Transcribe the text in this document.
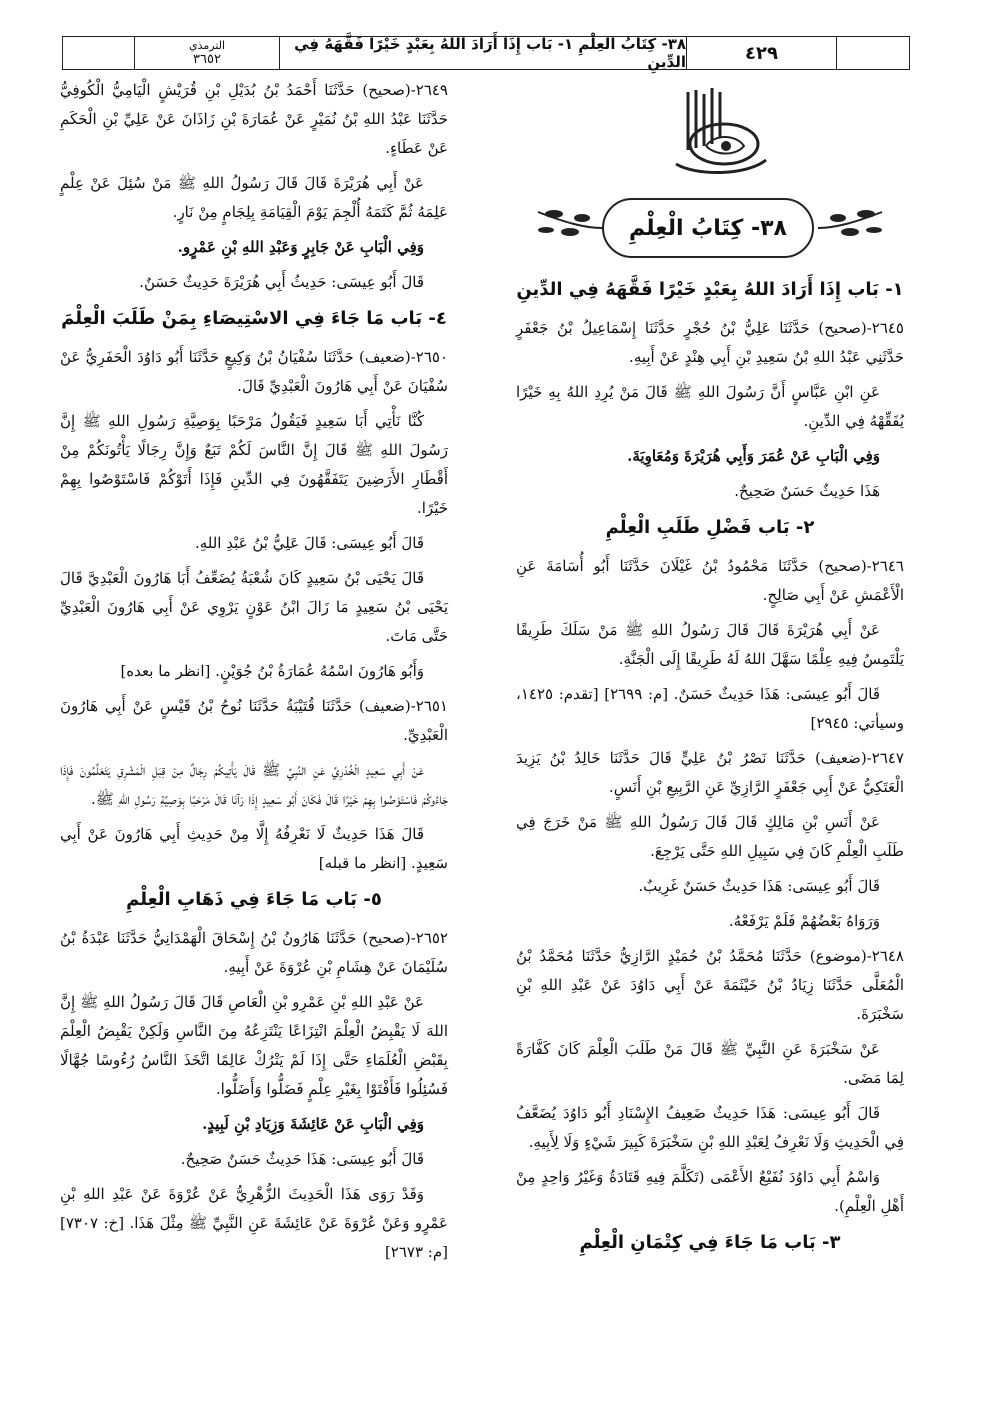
الترمذي
٣٦٥٢
٣٨- كِتَابُ العِلْمِ ١- بَاب إِذَا أَرَادَ اللهُ بِعَبْدٍ خَيْرًا فَقَّهَهُ فِي الدِّينِ	٤٢٩
٣٨- كِتَابُ الْعِلْمِ

١- بَاب إِذَا أَرَادَ اللهُ بِعَبْدٍ خَيْرًا فَقَّهَهُ فِي الدِّينِ

٢٦٤٥-(صحيح) حَدَّثَنَا عَلِيُّ بْنُ حُجْرٍ حَدَّثَنَا إِسْمَاعِيلُ بْنُ جَعْفَرٍ حَدَّثَنِي عَبْدُ اللهِ بْنُ سَعِيدِ بْنِ أَبِي هِنْدٍ عَنْ أَبِيهِ.

عَنِ ابْنِ عَبَّاسٍ أَنَّ رَسُولَ اللهِ ﷺ قَالَ مَنْ يُرِدِ اللهُ بِهِ خَيْرًا يُفَقِّهْهُ فِي الدِّينِ.

وَفِي الْبَابِ عَنْ عُمَرَ وَأَبِي هُرَيْرَةَ وَمُعَاوِيَةَ.

هَذَا حَدِيثٌ حَسَنٌ صَحِيحٌ.

٢- بَاب فَضْلِ طَلَبِ الْعِلْمِ

٢٦٤٦-(صحيح) حَدَّثَنَا مَحْمُودُ بْنُ غَيْلَانَ حَدَّثَنَا أَبُو أُسَامَةَ عَنِ الْأَعْمَشِ عَنْ أَبِي صَالِحٍ.

عَنْ أَبِي هُرَيْرَةَ قَالَ قَالَ رَسُولُ اللهِ ﷺ مَنْ سَلَكَ طَرِيقًا يَلْتَمِسُ فِيهِ عِلْمًا سَهَّلَ اللهُ لَهُ طَرِيقًا إِلَى الْجَنَّةِ.

قَالَ أَبُو عِيسَى: هَذَا حَدِيثٌ حَسَنٌ. [م: ٢٦٩٩] [تقدم: ١٤٢٥، وسيأتي: ٢٩٤٥]

٢٦٤٧-(ضعيف) حَدَّثَنَا نَصْرُ بْنُ عَلِيٍّ قَالَ حَدَّثَنَا خَالِدُ بْنُ يَزِيدَ الْعَتَكِيُّ عَنْ أَبِي جَعْفَرٍ الرَّازِيِّ عَنِ الرَّبِيعِ بْنِ أَنَسٍ.

عَنْ أَنَسِ بْنِ مَالِكٍ قَالَ قَالَ رَسُولُ اللهِ ﷺ مَنْ خَرَجَ فِي طَلَبِ الْعِلْمِ كَانَ فِي سَبِيلِ اللهِ حَتَّى يَرْجِعَ.

قَالَ أَبُو عِيسَى: هَذَا حَدِيثٌ حَسَنٌ غَرِيبٌ.

وَرَوَاهُ بَعْضُهُمْ فَلَمْ يَرْفَعْهُ.

٢٦٤٨-(موضوع) حَدَّثَنَا مُحَمَّدُ بْنُ حُمَيْدٍ الرَّازِيُّ حَدَّثَنَا مُحَمَّدُ بْنُ الْمُعَلَّى حَدَّثَنَا زِيَادُ بْنُ خَيْثَمَةَ عَنْ أَبِي دَاوُدَ عَنْ عَبْدِ اللهِ بْنِ سَخْبَرَةَ.

عَنْ سَخْبَرَةَ عَنِ النَّبِيِّ ﷺ قَالَ مَنْ طَلَبَ الْعِلْمَ كَانَ كَفَّارَةً لِمَا مَضَى.

قَالَ أَبُو عِيسَى: هَذَا حَدِيثٌ ضَعِيفُ الإِسْنَادِ أَبُو دَاوُدَ يُضَعَّفُ فِي الْحَدِيثِ وَلَا نَعْرِفُ لِعَبْدِ اللهِ بْنِ سَخْبَرَةَ كَبِيرَ شَيْءٍ وَلَا لِأَبِيهِ.

وَاسْمُ أَبِي دَاوُدَ نُفَيْعٌ الأَعْمَى (تَكَلَّمَ فِيهِ قَتَادَةُ وَغَيْرُ وَاحِدٍ مِنْ أَهْلِ الْعِلْمِ).

٣- بَاب مَا جَاءَ فِي كِتْمَانِ الْعِلْمِ

٢٦٤٩-(صحيح) حَدَّثَنَا أَحْمَدُ بْنُ بُدَيْلِ بْنِ قُرَيْشٍ الْيَامِيُّ الْكُوفِيُّ حَدَّثَنَا عَبْدُ اللهِ بْنُ نُمَيْرٍ عَنْ عُمَارَةَ بْنِ زَاذَانَ عَنْ عَلِيِّ بْنِ الْحَكَمِ عَنْ عَطَاءٍ.

عَنْ أَبِي هُرَيْرَةَ قَالَ قَالَ رَسُولُ اللهِ ﷺ مَنْ سُئِلَ عَنْ عِلْمٍ عَلِمَهُ ثُمَّ كَتَمَهُ أُلْجِمَ يَوْمَ الْقِيَامَةِ بِلِجَامٍ مِنْ نَارٍ.

وَفِي الْبَابِ عَنْ جَابِرٍ وَعَبْدِ اللهِ بْنِ عَمْرٍو.

قَالَ أَبُو عِيسَى: حَدِيثُ أَبِي هُرَيْرَةَ حَدِيثٌ حَسَنٌ.

٤- بَاب مَا جَاءَ فِي الاسْتِيصَاءِ بِمَنْ طَلَبَ الْعِلْمَ

٢٦٥٠-(ضعيف) حَدَّثَنَا سُفْيَانُ بْنُ وَكِيعٍ حَدَّثَنَا أَبُو دَاوُدَ الْحَفَرِيُّ عَنْ سُفْيَانَ عَنْ أَبِي هَارُونَ الْعَبْدِيِّ قَالَ.

كُنَّا نَأْتِي أَبَا سَعِيدٍ فَيَقُولُ مَرْحَبًا بِوَصِيَّةِ رَسُولِ اللهِ ﷺ إِنَّ رَسُولَ اللهِ ﷺ قَالَ إِنَّ النَّاسَ لَكُمْ تَبَعٌ وَإِنَّ رِجَالًا يَأْتُونَكُمْ مِنْ أَقْطَارِ الأَرَضِينَ يَتَفَقَّهُونَ فِي الدِّينِ فَإِذَا أَتَوْكُمْ فَاسْتَوْصُوا بِهِمْ خَيْرًا.

قَالَ أَبُو عِيسَى: قَالَ عَلِيُّ بْنُ عَبْدِ اللهِ.

قَالَ يَحْيَى بْنُ سَعِيدٍ كَانَ شُعْبَةُ يُضَعِّفُ أَبَا هَارُونَ الْعَبْدِيَّ قَالَ يَحْيَى بْنُ سَعِيدٍ مَا زَالَ ابْنُ عَوْنٍ يَرْوِي عَنْ أَبِي هَارُونَ الْعَبْدِيِّ حَتَّى مَاتَ.

وَأَبُو هَارُونَ اسْمُهُ عُمَارَةُ بْنُ جُوَيْنٍ. [انظر ما بعده]

٢٦٥١-(ضعيف) حَدَّثَنَا قُتَيْبَةُ حَدَّثَنَا نُوحُ بْنُ قَيْسٍ عَنْ أَبِي هَارُونَ الْعَبْدِيِّ.

عَنْ أَبِي سَعِيدٍ الْخُدْرِيِّ عَنِ النَّبِيِّ ﷺ قَالَ يَأْتِيكُمْ رِجَالٌ مِنْ قِبَلِ الْمَشْرِقِ يَتَعَلَّمُونَ فَإِذَا جَاءُوكُمْ فَاسْتَوْصُوا بِهِمْ خَيْرًا قَالَ فَكَانَ أَبُو سَعِيدٍ إِذَا رَآنَا قَالَ مَرْحَبًا بِوَصِيَّةِ رَسُولِ اللهِ ﷺ.

قَالَ هَذَا حَدِيثٌ لَا نَعْرِفُهُ إِلَّا مِنْ حَدِيثِ أَبِي هَارُونَ عَنْ أَبِي سَعِيدٍ. [انظر ما قبله]

٥- بَاب مَا جَاءَ فِي ذَهَابِ الْعِلْمِ

٢٦٥٢-(صحيح) حَدَّثَنَا هَارُونُ بْنُ إِسْحَاقَ الْهَمْدَانِيُّ حَدَّثَنَا عَبْدَةُ بْنُ سُلَيْمَانَ عَنْ هِشَامِ بْنِ عُرْوَةَ عَنْ أَبِيهِ.

عَنْ عَبْدِ اللهِ بْنِ عَمْرِو بْنِ الْعَاصِ قَالَ قَالَ رَسُولُ اللهِ ﷺ إِنَّ اللهَ لَا يَقْبِضُ الْعِلْمَ انْتِزَاعًا يَنْتَزِعُهُ مِنَ النَّاسِ وَلَكِنْ يَقْبِضُ الْعِلْمَ بِقَبْضِ الْعُلَمَاءِ حَتَّى إِذَا لَمْ يَتْرُكْ عَالِمًا اتَّخَذَ النَّاسُ رُءُوسًا جُهَّالًا فَسُئِلُوا فَأَفْتَوْا بِغَيْرِ عِلْمٍ فَضَلُّوا وَأَضَلُّوا.

وَفِي الْبَابِ عَنْ عَائِشَةَ وَزِيَادِ بْنِ لَبِيدٍ.

قَالَ أَبُو عِيسَى: هَذَا حَدِيثٌ حَسَنٌ صَحِيحٌ.

وَقَدْ رَوَى هَذَا الْحَدِيثَ الزُّهْرِيُّ عَنْ عُرْوَةَ عَنْ عَبْدِ اللهِ بْنِ عَمْرٍو وَعَنْ عُرْوَةَ عَنْ عَائِشَةَ عَنِ النَّبِيِّ ﷺ مِثْلَ هَذَا. [خ: ٧٣٠٧] [م: ٢٦٧٣]
